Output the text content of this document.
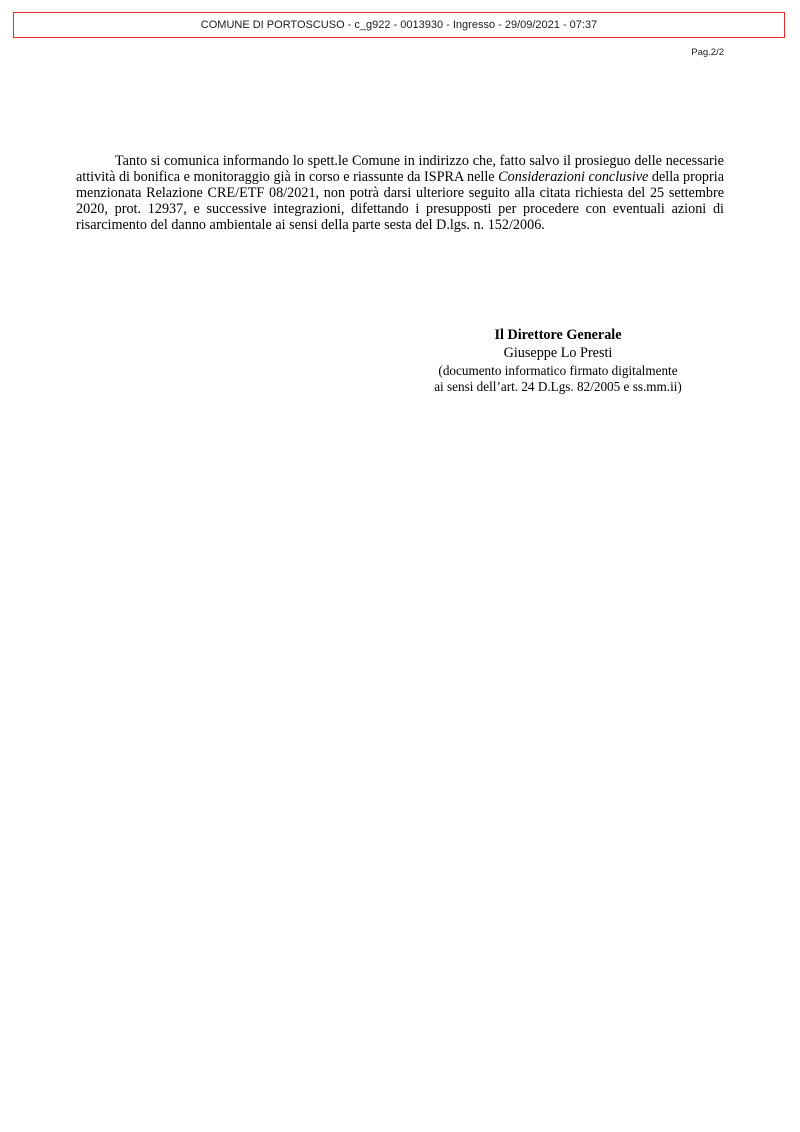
COMUNE DI PORTOSCUSO - c_g922 - 0013930 - Ingresso - 29/09/2021 - 07:37
Pag.2/2

Tanto si comunica informando lo spett.le Comune in indirizzo che, fatto salvo il prosieguo delle necessarie attività di bonifica e monitoraggio già in corso e riassunte da ISPRA nelle Considerazioni conclusive della propria menzionata Relazione CRE/ETF 08/2021, non potrà darsi ulteriore seguito alla citata richiesta del 25 settembre 2020, prot. 12937, e successive integrazioni, difettando i presupposti per procedere con eventuali azioni di risarcimento del danno ambientale ai sensi della parte sesta del D.lgs. n. 152/2006.

Il Direttore Generale
Giuseppe Lo Presti
(documento informatico firmato digitalmente
ai sensi dell’art. 24 D.Lgs. 82/2005 e ss.mm.ii)
